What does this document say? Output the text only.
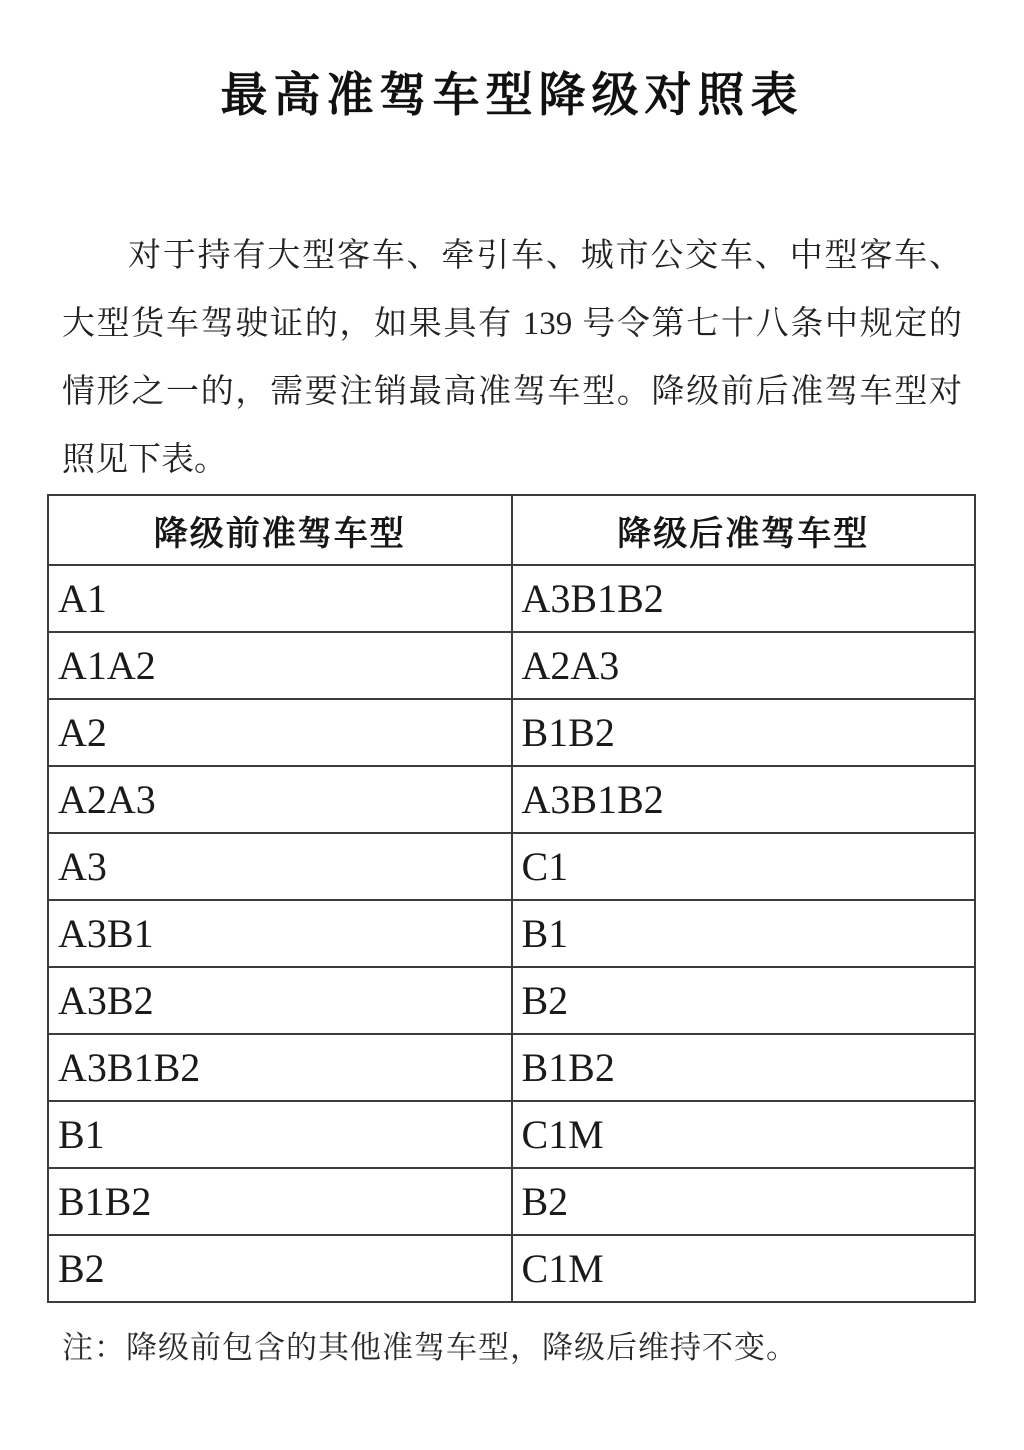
最高准驾车型降级对照表
对于持有大型客车、牵引车、城市公交车、中型客车、
大型货车驾驶证的，如果具有 139 号令第七十八条中规定的
情形之一的，需要注销最高准驾车型。降级前后准驾车型对
照见下表。
降级前准驾车型	降级后准驾车型
A1	A3B1B2
A1A2	A2A3
A2	B1B2
A2A3	A3B1B2
A3	C1
A3B1	B1
A3B2	B2
A3B1B2	B1B2
B1	C1M
B1B2	B2
B2	C1M
注：降级前包含的其他准驾车型，降级后维持不变。
